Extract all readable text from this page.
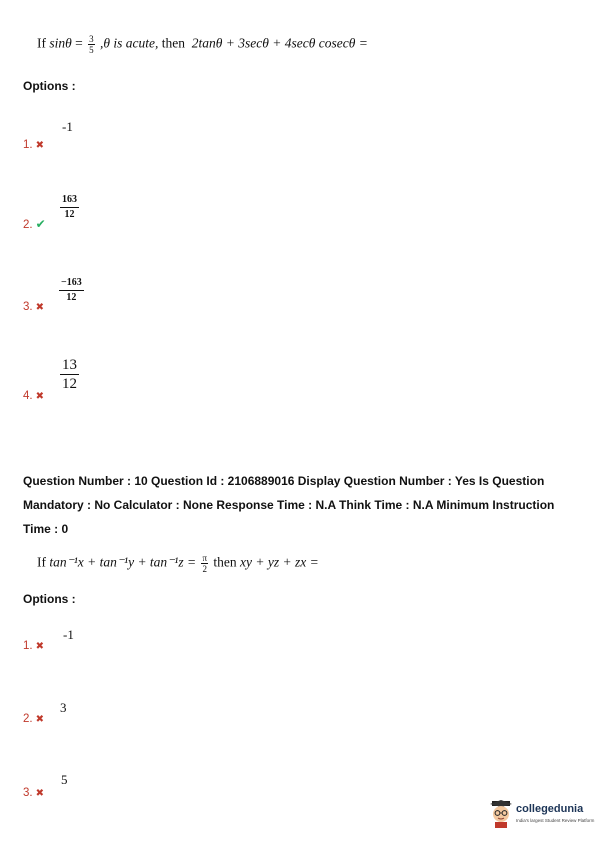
If $\sin\theta = \frac{3}{5} ,\theta$ is acute, then 2tanθ + 3secθ + 4secθ cosecθ =
Options :
-1
1. ✖
$\frac{163}{12}$
2. ✔
$\frac{-163}{12}$
3. ✖
$\frac{13}{12}$
4. ✖
Question Number : 10 Question Id : 2106889016 Display Question Number : Yes Is Question
Mandatory : No Calculator : None Response Time : N.A Think Time : N.A Minimum Instruction
Time : 0
If $\tan^{-1}x + \tan^{-1}y + \tan^{-1}z = \frac{\pi}{2}$ then xy + yz + zx =
Options :
-1
1. ✖
3
2. ✖
5
3. ✖
collegedunia
India's largest Student Review Platform
